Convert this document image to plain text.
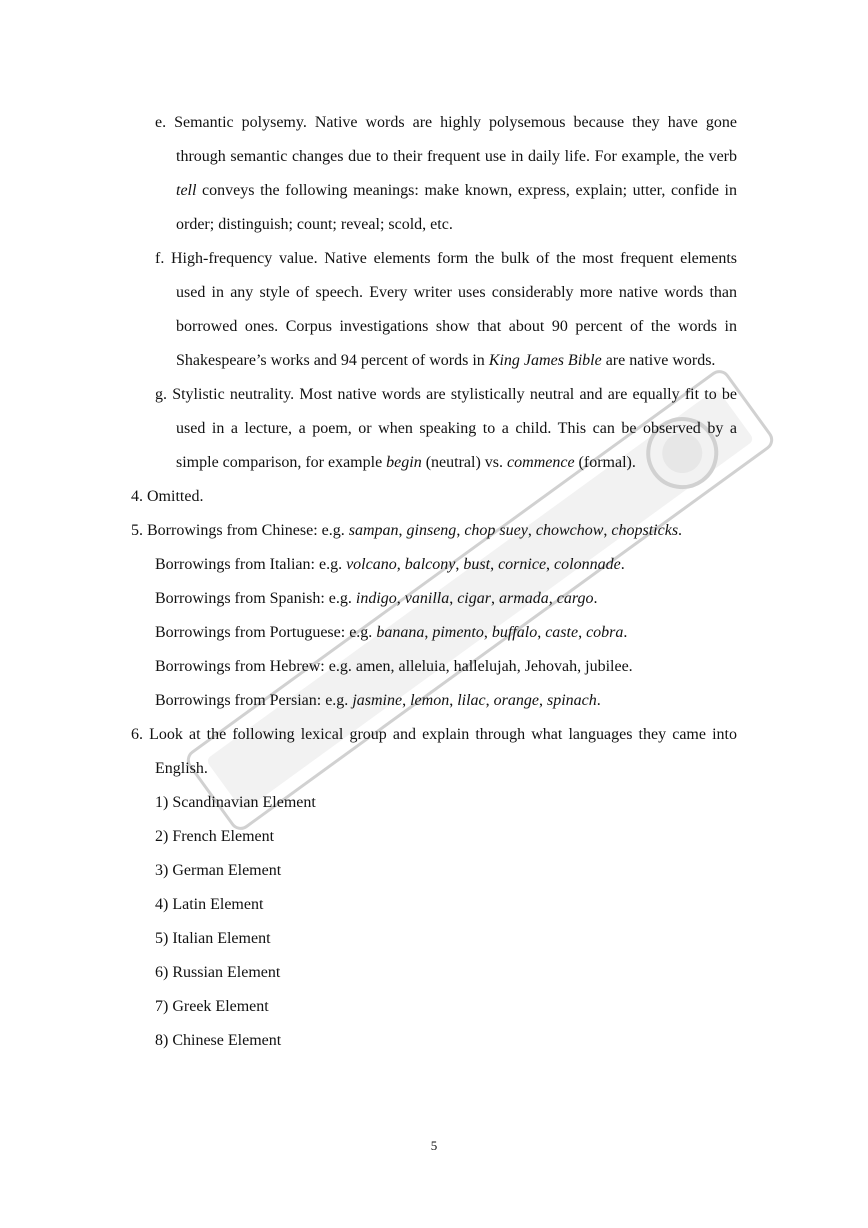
e. Semantic polysemy. Native words are highly polysemous because they have gone through semantic changes due to their frequent use in daily life. For example, the verb tell conveys the following meanings: make known, express, explain; utter, confide in order; distinguish; count; reveal; scold, etc.

f. High-frequency value. Native elements form the bulk of the most frequent elements used in any style of speech. Every writer uses considerably more native words than borrowed ones. Corpus investigations show that about 90 percent of the words in Shakespeare’s works and 94 percent of words in King James Bible are native words.

g. Stylistic neutrality. Most native words are stylistically neutral and are equally fit to be used in a lecture, a poem, or when speaking to a child. This can be observed by a simple comparison, for example begin (neutral) vs. commence (formal).

4. Omitted.

5. Borrowings from Chinese: e.g. sampan, ginseng, chop suey, chowchow, chopsticks.

Borrowings from Italian: e.g. volcano, balcony, bust, cornice, colonnade.

Borrowings from Spanish: e.g. indigo, vanilla, cigar, armada, cargo.

Borrowings from Portuguese: e.g. banana, pimento, buffalo, caste, cobra.

Borrowings from Hebrew: e.g. amen, alleluia, hallelujah, Jehovah, jubilee.

Borrowings from Persian: e.g. jasmine, lemon, lilac, orange, spinach.

6. Look at the following lexical group and explain through what languages they came into English.

1) Scandinavian Element

2) French Element

3) German Element

4) Latin Element

5) Italian Element

6) Russian Element

7) Greek Element

8) Chinese Element

5
